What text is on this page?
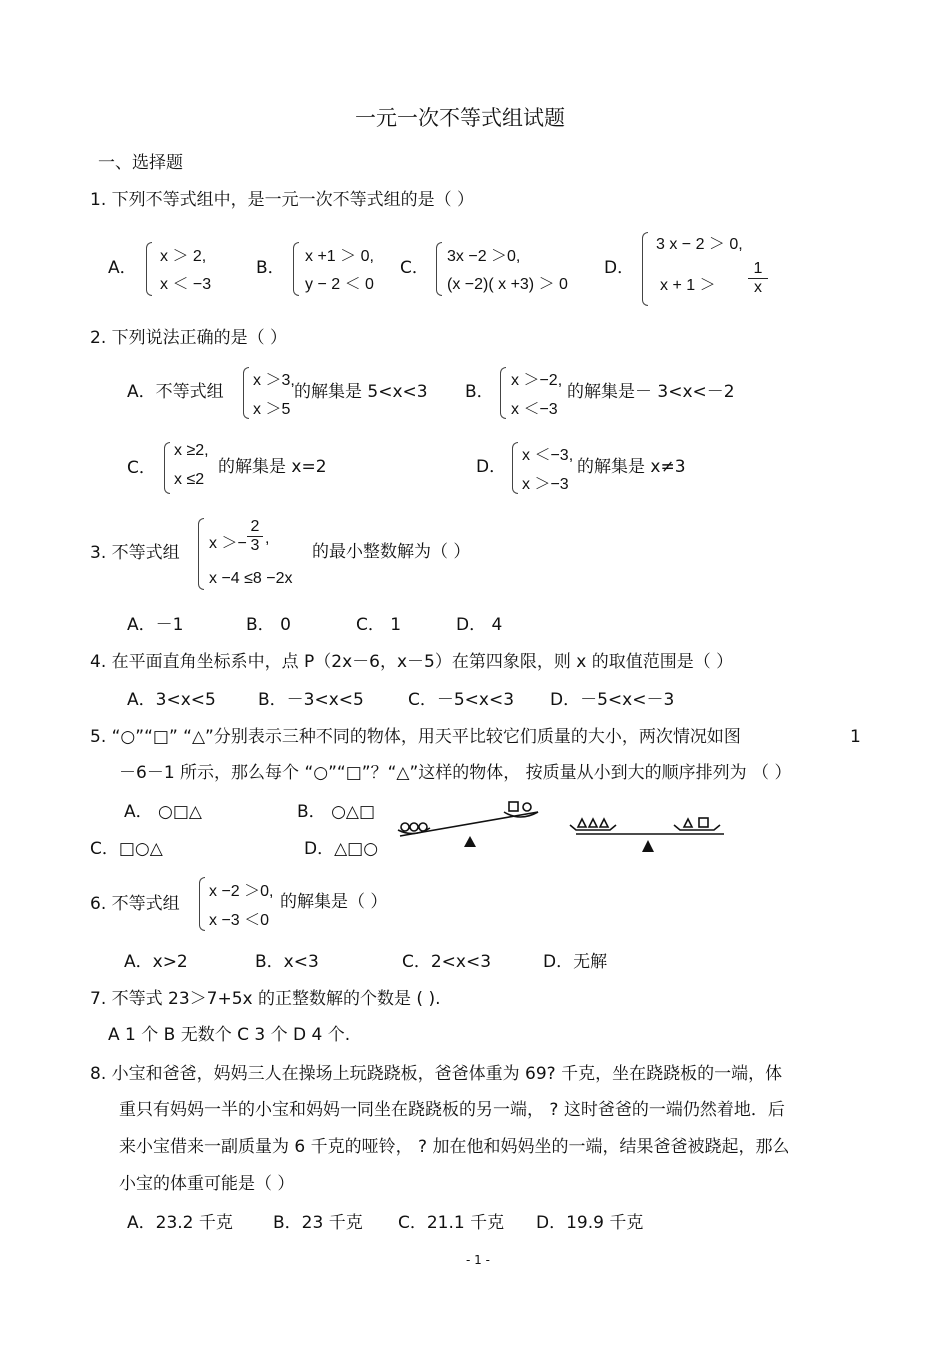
一元一次不等式组试题
一、选择题
1. 下列不等式组中，是一元一次不等式组的是（ ）
A．
x ＞ 2,
x ＜ −3
B．
x +1 ＞ 0,
y − 2 ＜ 0
C．
3x −2 ＞0,
(x −2)( x +3) ＞ 0
D．
3 x − 2 ＞ 0,
$x + 1 > \frac{1}{x}$
2. 下列说法正确的是（ ）
A．不等式组
x ＞3,
x ＞5
的解集是 5<x<3 B．
x ＞−2,
x ＜−3
的解集是－ 3<x<－2
C．
x ≥2,
x ≤2
的解集是 x=2	D．
x ＜−3,
x ＞−3
的解集是 x≠3
3. 不等式组 $x >- \frac{2}{3}$ ,
x −4 ≤8 −2x
的最小整数解为（ ）
A．－1	B． 0	C． 1	D． 4
4. 在平面直角坐标系中，点 P（2x－6，x－5）在第四象限，则 x 的取值范围是（ ）
A．3<x<5 B．－3<x<5	C．－5<x<3 D．－5<x<－3
5. “○”“□” “△”分别表示三种不同的物体，用天平比较它们质量的大小，两次情况如图	1
－6－1 所示，那么每个 “○”“□”？“△”这样的物体， 按质量从小到大的顺序排列为 （ ）
A． ○□△	B． ○△□
C．□○△	D．△□○
6. 不等式组
x −2 ＞0,
x −3 ＜0
的解集是（ ）
A．x>2	B．x<3	C．2<x<3	D．无解
7. 不等式 23＞7+5x 的正整数解的个数是 ( ).
A 1 个 B 无数个 C 3 个 D 4 个.
8. 小宝和爸爸，妈妈三人在操场上玩跷跷板，爸爸体重为 69? 千克，坐在跷跷板的一端，体
重只有妈妈一半的小宝和妈妈一同坐在跷跷板的另一端， ? 这时爸爸的一端仍然着地．后
来小宝借来一副质量为 6 千克的哑铃， ? 加在他和妈妈坐的一端，结果爸爸被跷起，那么
小宝的体重可能是（ ）
A．23.2 千克 B．23 千克 C．21.1 千克 D．19.9 千克
- 1 -
